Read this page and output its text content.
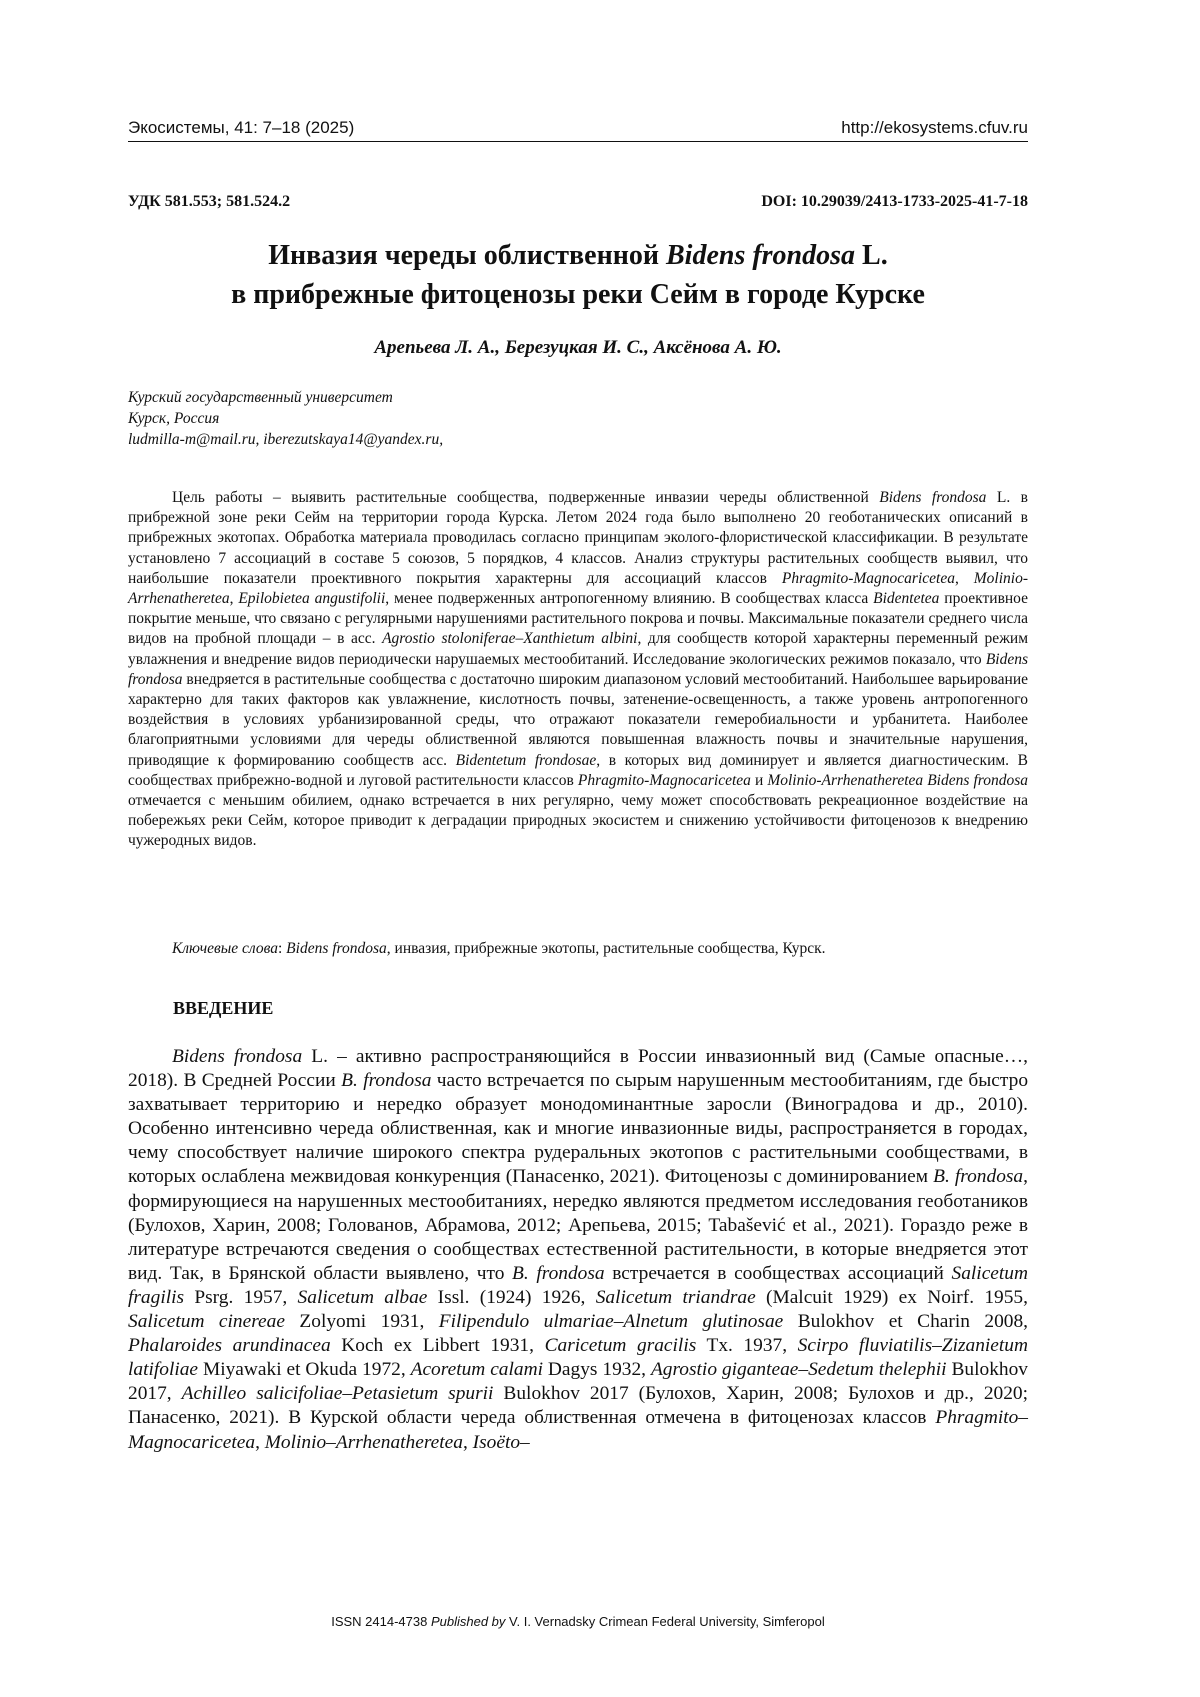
Экосистемы, 41: 7–18 (2025)	http://ekosystems.cfuv.ru
УДК 581.553; 581.524.2	DOI: 10.29039/2413-1733-2025-41-7-18
Инвазия череды облиственной Bidens frondosa L.
в прибрежные фитоценозы реки Сейм в городе Курске
Арепьева Л. А., Березуцкая И. С., Аксёнова А. Ю.
Курский государственный университет
Курск, Россия
ludmilla-m@mail.ru, iberezutskaya14@yandex.ru,

Цель работы – выявить растительные сообщества, подверженные инвазии череды облиственной Bidens frondosa L. в прибрежной зоне реки Сейм на территории города Курска. Летом 2024 года было выполнено 20 геоботанических описаний в прибрежных экотопах. Обработка материала проводилась согласно принципам эколого-флористической классификации. В результате установлено 7 ассоциаций в составе 5 союзов, 5 порядков, 4 классов. Анализ структуры растительных сообществ выявил, что наибольшие показатели проективного покрытия характерны для ассоциаций классов Phragmito-Magnocaricetea, Molinio-Arrhenatheretea, Epilobietea angustifolii, менее подверженных антропогенному влиянию. В сообществах класса Bidentetea проективное покрытие меньше, что связано с регулярными нарушениями растительного покрова и почвы. Максимальные показатели среднего числа видов на пробной площади – в асс. Agrostio stoloniferae–Xanthietum albini, для сообществ которой характерны переменный режим увлажнения и внедрение видов периодически нарушаемых местообитаний. Исследование экологических режимов показало, что Bidens frondosa внедряется в растительные сообщества с достаточно широким диапазоном условий местообитаний. Наибольшее варьирование характерно для таких факторов как увлажнение, кислотность почвы, затенение-освещенность, а также уровень антропогенного воздействия в условиях урбанизированной среды, что отражают показатели гемеробиальности и урбанитета. Наиболее благоприятными условиями для череды облиственной являются повышенная влажность почвы и значительные нарушения, приводящие к формированию сообществ асс. Bidentetum frondosae, в которых вид доминирует и является диагностическим. В сообществах прибрежно-водной и луговой растительности классов Phragmito-Magnocaricetea и Molinio-Arrhenatheretea Bidens frondosa отмечается с меньшим обилием, однако встречается в них регулярно, чему может способствовать рекреационное воздействие на побережьях реки Сейм, которое приводит к деградации природных экосистем и снижению устойчивости фитоценозов к внедрению чужеродных видов.

Ключевые слова: Bidens frondosa, инвазия, прибрежные экотопы, растительные сообщества, Курск.

ВВЕДЕНИЕ

Bidens frondosa L. – активно распространяющийся в России инвазионный вид (Самые опасные…, 2018). В Средней России B. frondosa часто встречается по сырым нарушенным местообитаниям, где быстро захватывает территорию и нередко образует монодоминантные заросли (Виноградова и др., 2010). Особенно интенсивно череда облиственная, как и многие инвазионные виды, распространяется в городах, чему способствует наличие широкого спектра рудеральных экотопов с растительными сообществами, в которых ослаблена межвидовая конкуренция (Панасенко, 2021). Фитоценозы с доминированием B. frondosa, формирующиеся на нарушенных местообитаниях, нередко являются предметом исследования геоботаников (Булохов, Харин, 2008; Голованов, Абрамова, 2012; Арепьева, 2015; Tabašević et al., 2021). Гораздо реже в литературе встречаются сведения о сообществах естественной растительности, в которые внедряется этот вид. Так, в Брянской области выявлено, что B. frondosa встречается в сообществах ассоциаций Salicetum fragilis Psrg. 1957, Salicetum albae Issl. (1924) 1926, Salicetum triandrae (Malcuit 1929) ex Noirf. 1955, Salicetum cinereae Zolyomi 1931, Filipendulo ulmariae–Alnetum glutinosae Bulokhov et Charin 2008, Phalaroides arundinacea Koch ex Libbert 1931, Caricetum gracilis Tx. 1937, Scirpo fluviatilis–Zizanietum latifoliae Miyawaki et Okuda 1972, Acoretum calami Dagys 1932, Agrostio giganteae–Sedetum thelephii Bulokhov 2017, Achilleo salicifoliae–Petasietum spurii Bulokhov 2017 (Булохов, Харин, 2008; Булохов и др., 2020; Панасенко, 2021). В Курской области череда облиственная отмечена в фитоценозах классов Phragmito–Magnocaricetea, Molinio–Arrhenatheretea, Isoëto–

ISSN 2414-4738 Published by V. I. Vernadsky Crimean Federal University, Simferopol
